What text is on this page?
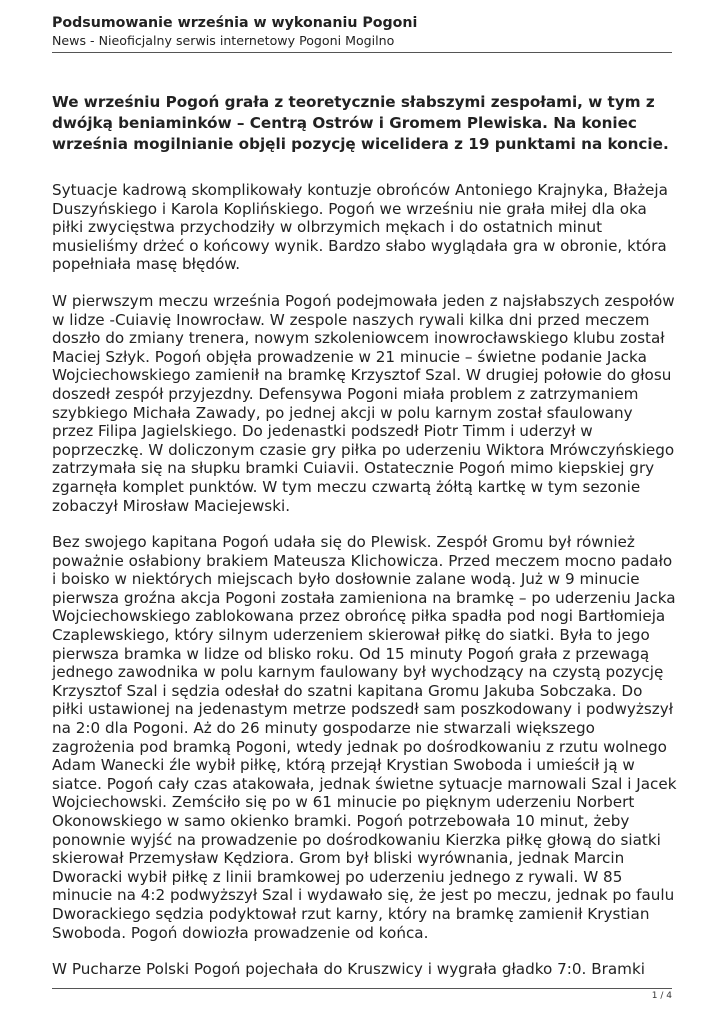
Podsumowanie września w wykonaniu Pogoni
News - Nieoficjalny serwis internetowy Pogoni Mogilno

We wrześniu Pogoń grała z teoretycznie słabszymi zespołami, w tym z dwójką beniaminków – Centrą Ostrów i Gromem Plewiska. Na koniec września mogilnianie objęli pozycję wicelidera z 19 punktami na koncie.

Sytuacje kadrową skomplikowały kontuzje obrońców Antoniego Krajnyka, Błażeja Duszyńskiego i Karola Koplińskiego. Pogoń we wrześniu nie grała miłej dla oka piłki zwycięstwa przychodziły w olbrzymich mękach i do ostatnich minut musieliśmy drżeć o końcowy wynik. Bardzo słabo wyglądała gra w obronie, która popełniała masę błędów.

W pierwszym meczu września Pogoń podejmowała jeden z najsłabszych zespołów w lidze -Cuiavię Inowrocław. W zespole naszych rywali kilka dni przed meczem doszło do zmiany trenera, nowym szkoleniowcem inowrocławskiego klubu został Maciej Szłyk. Pogoń objęła prowadzenie w 21 minucie – świetne podanie Jacka Wojciechowskiego zamienił na bramkę Krzysztof Szal. W drugiej połowie do głosu doszedł zespół przyjezdny. Defensywa Pogoni miała problem z zatrzymaniem szybkiego Michała Zawady, po jednej akcji w polu karnym został sfaulowany przez Filipa Jagielskiego. Do jedenastki podszedł Piotr Timm i uderzył w poprzeczkę. W doliczonym czasie gry piłka po uderzeniu Wiktora Mrówczyńskiego zatrzymała się na słupku bramki Cuiavii. Ostatecznie Pogoń mimo kiepskiej gry zgarnęła komplet punktów. W tym meczu czwartą żółtą kartkę w tym sezonie zobaczył Mirosław Maciejewski.

Bez swojego kapitana Pogoń udała się do Plewisk. Zespół Gromu był również poważnie osłabiony brakiem Mateusza Klichowicza. Przed meczem mocno padało i boisko w niektórych miejscach było dosłownie zalane wodą. Już w 9 minucie pierwsza groźna akcja Pogoni została zamieniona na bramkę – po uderzeniu Jacka Wojciechowskiego zablokowana przez obrońcę piłka spadła pod nogi Bartłomieja Czaplewskiego, który silnym uderzeniem skierował piłkę do siatki. Była to jego pierwsza bramka w lidze od blisko roku. Od 15 minuty Pogoń grała z przewagą jednego zawodnika w polu karnym faulowany był wychodzący na czystą pozycję Krzysztof Szal i sędzia odesłał do szatni kapitana Gromu Jakuba Sobczaka. Do piłki ustawionej na jedenastym metrze podszedł sam poszkodowany i podwyższył na 2:0 dla Pogoni. Aż do 26 minuty gospodarze nie stwarzali większego zagrożenia pod bramką Pogoni, wtedy jednak po dośrodkowaniu z rzutu wolnego Adam Wanecki źle wybił piłkę, którą przejął Krystian Swoboda i umieścił ją w siatce. Pogoń cały czas atakowała, jednak świetne sytuacje marnowali Szal i Jacek Wojciechowski. Zemściło się po w 61 minucie po pięknym uderzeniu Norbert Okonowskiego w samo okienko bramki. Pogoń potrzebowała 10 minut, żeby ponownie wyjść na prowadzenie po dośrodkowaniu Kierzka piłkę głową do siatki skierował Przemysław Kędziora. Grom był bliski wyrównania, jednak Marcin Dworacki wybił piłkę z linii bramkowej po uderzeniu jednego z rywali. W 85 minucie na 4:2 podwyższył Szal i wydawało się, że jest po meczu, jednak po faulu Dworackiego sędzia podyktował rzut karny, który na bramkę zamienił Krystian Swoboda. Pogoń dowiozła prowadzenie od końca.

W Pucharze Polski Pogoń pojechała do Kruszwicy i wygrała gładko 7:0. Bramki

1 / 4
